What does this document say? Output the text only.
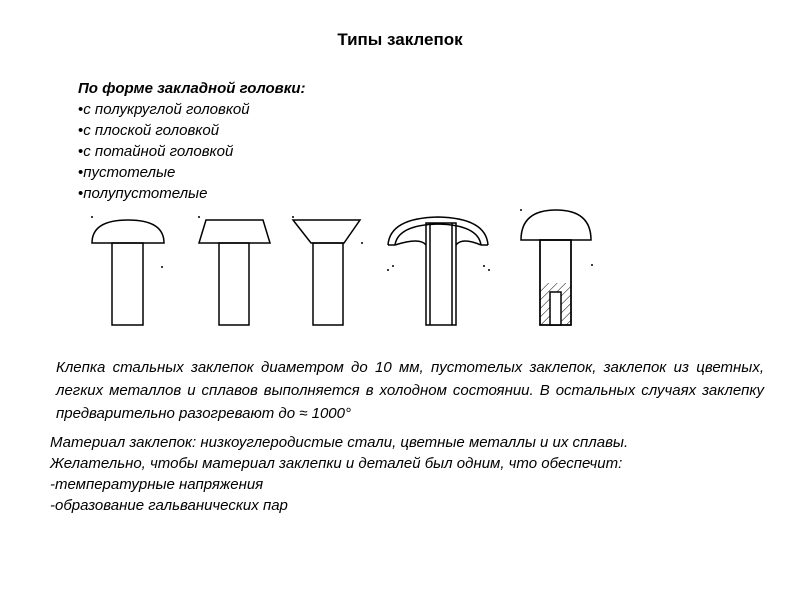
Типы заклепок
По форме закладной головки:
• с полукруглой головкой
• с плоской головкой
• с потайной головкой
• пустотелые
• полупустотелые
Клепка стальных заклепок диаметром до 10 мм, пустотелых заклепок, заклепок из цветных, легких металлов и сплавов выполняется в холодном состоянии. В остальных случаях заклепку предварительно разогревают до ≈ 1000°
Материал заклепок: низкоуглеродистые стали, цветные металлы и их сплавы.
Желательно, чтобы материал заклепки и деталей был одним, что обеспечит:
-температурные напряжения
-образование гальванических пар
